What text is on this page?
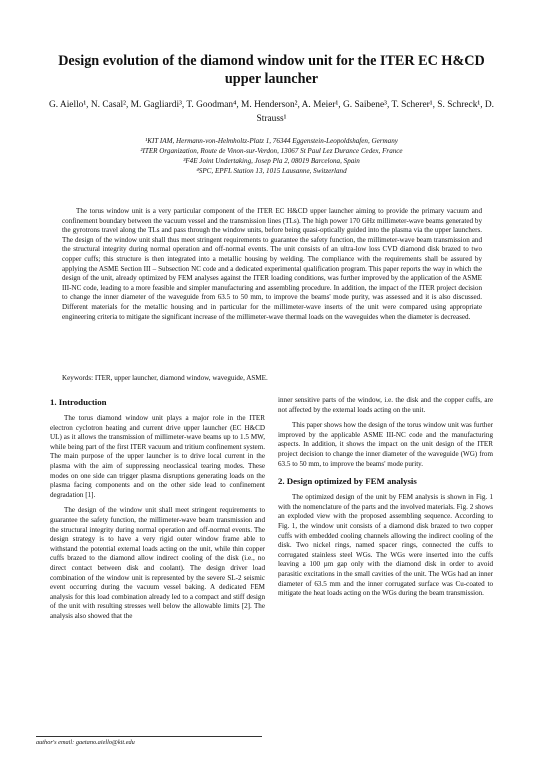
Design evolution of the diamond window unit for the ITER EC H&CD upper launcher

G. Aiello¹, N. Casal², M. Gagliardi³, T. Goodman⁴, M. Henderson², A. Meier¹, G. Saibene³, T. Scherer¹, S. Schreck¹, D. Strauss¹

¹KIT IAM, Hermann-von-Helmholtz-Platz 1, 76344 Eggenstein-Leopoldshafen, Germany
²ITER Organization, Route de Vinon-sur-Verdon, 13067 St Paul Lez Durance Cedex, France
³F4E Joint Undertaking, Josep Pla 2, 08019 Barcelona, Spain
⁴SPC, EPFL Station 13, 1015 Lausanne, Switzerland

The torus window unit is a very particular component of the ITER EC H&CD upper launcher aiming to provide the primary vacuum and confinement boundary between the vacuum vessel and the transmission lines (TLs). The high power 170 GHz millimeter-wave beams generated by the gyrotrons travel along the TLs and pass through the window units, before being quasi-optically guided into the plasma via the upper launchers. The design of the window unit shall thus meet stringent requirements to guarantee the safety function, the millimeter-wave beam transmission and the structural integrity during normal operation and off-normal events. The unit consists of an ultra-low loss CVD diamond disk brazed to two copper cuffs; this structure is then integrated into a metallic housing by welding. The compliance with the requirements shall be assured by applying the ASME Section III – Subsection NC code and a dedicated experimental qualification program. This paper reports the way in which the design of the unit, already optimized by FEM analyses against the ITER loading conditions, was further improved by the application of the ASME III-NC code, leading to a more feasible and simpler manufacturing and assembling procedure. In addition, the impact of the ITER project decision to change the inner diameter of the waveguide from 63.5 to 50 mm, to improve the beams' mode purity, was assessed and it is also discussed. Different materials for the metallic housing and in particular for the millimeter-wave inserts of the unit were compared using appropriate engineering criteria to mitigate the significant increase of the millimeter-wave thermal loads on the waveguides when the diameter is decreased.

Keywords: ITER, upper launcher, diamond window, waveguide, ASME.

1. Introduction

The torus diamond window unit plays a major role in the ITER electron cyclotron heating and current drive upper launcher (EC H&CD UL) as it allows the transmission of millimeter-wave beams up to 1.5 MW, while being part of the first ITER vacuum and tritium confinement system. The main purpose of the upper launcher is to drive local current in the plasma with the aim of suppressing neoclassical tearing modes. These modes on one side can trigger plasma disruptions generating loads on the plasma facing components and on the other side lead to confinement degradation [1].

The design of the window unit shall meet stringent requirements to guarantee the safety function, the millimeter-wave beam transmission and the structural integrity during normal operation and off-normal events. The design strategy is to have a very rigid outer window frame able to withstand the potential external loads acting on the unit, while thin copper cuffs brazed to the diamond allow indirect cooling of the disk (i.e., no direct contact between disk and coolant). The design driver load combination of the window unit is represented by the severe SL-2 seismic event occurring during the vacuum vessel baking. A dedicated FEM analysis for this load combination already led to a compact and stiff design of the unit with resulting stresses well below the allowable limits [2]. The analysis also showed that the

inner sensitive parts of the window, i.e. the disk and the copper cuffs, are not affected by the external loads acting on the unit.

This paper shows how the design of the torus window unit was further improved by the applicable ASME III-NC code and the manufacturing aspects. In addition, it shows the impact on the unit design of the ITER project decision to change the inner diameter of the waveguide (WG) from 63.5 to 50 mm, to improve the beams' mode purity.

2. Design optimized by FEM analysis

The optimized design of the unit by FEM analysis is shown in Fig. 1 with the nomenclature of the parts and the involved materials. Fig. 2 shows an exploded view with the proposed assembling sequence. According to Fig. 1, the window unit consists of a diamond disk brazed to two copper cuffs with embedded cooling channels allowing the indirect cooling of the disk. Two nickel rings, named spacer rings, connected the cuffs to corrugated stainless steel WGs. The WGs were inserted into the cuffs leaving a 100 µm gap only with the diamond disk in order to avoid parasitic excitations in the small cavities of the unit. The WGs had an inner diameter of 63.5 mm and the inner corrugated surface was Cu-coated to mitigate the heat loads acting on the WGs during the beam transmission.

author's email: gaetano.aiello@kit.edu
